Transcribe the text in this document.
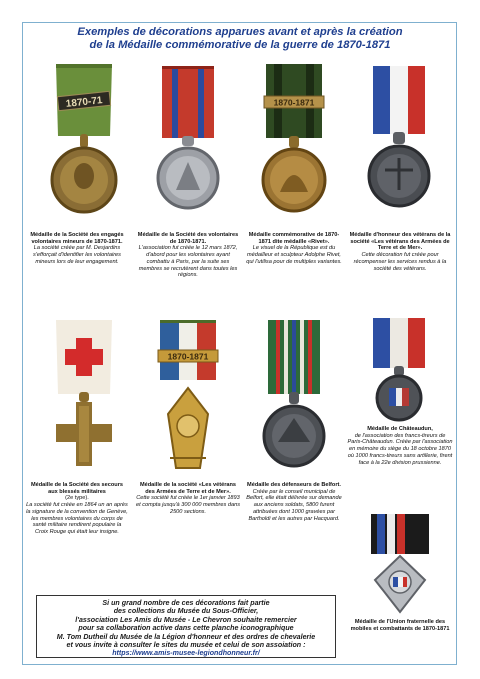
Exemples de décorations apparues avant et après la création
de la Médaille commémorative de la guerre de 1870-1871
1870-71	1870-1871
Médaille de la Société des engagés volontaires mineurs de 1870-1871.
La société créée par M. Desjardins s'efforçait d'identifier les volontaires mineurs lors de leur engagement.
Médaille de la Société des volontaires de 1870-1871.
L'association fut créée le 12 mars 1872, d'abord pour les volontaires ayant combattu à Paris, par la suite ses membres se recrutèrent dans toutes les régions.
Médaille commémorative de 1870-1871 dite médaille «Rivet».
Le visuel de la République est du médailleur et sculpteur Adolphe Rivet, qui l'utilisa pour de multiples variantes.
Médaille d'honneur des vétérans de la société «Les vétérans des Armées de Terre et de Mer».
Cette décoration fut créée pour récompenser les services rendus à la société des vétérans.
1870-1871
Médaille de la Société des secours aux blessés militaires
(2e type).
La société fut créée en 1864 un an après la signature de la convention de Genève, les membres volontaires du corps de santé militaire rendirent populaire la Croix Rouge qui était leur insigne.
Médaille de la société «Les vétérans des Armées de Terre et de Mer».
Cette société fut créée le 1er janvier 1893 et compta jusqu'à 300 000 membres dans 2500 sections.
Médaille des défenseurs de Belfort.
Créée par le conseil municipal de Belfort, elle était délivrée sur demande aux anciens soldats, 5800 furent attribuées dont 1000 gravées par Bartholdi et les autres par Hacquard.
Médaille de Châteaudun,
de l'association des francs-tireurs de Paris-Châteaudun. Créée par l'association en mémoire du siège du 18 octobre 1870 où 1000 francs-tireurs sans artillerie, firent face à la 22e division prussienne.
Médaille de l'Union fraternelle des mobiles et combattants de 1870-1871
Si un grand nombre de ces décorations fait partie
des collections du Musée du Sous-Officier,
l'association Les Amis du Musée - Le Chevron souhaite remercier
pour sa collaboration active dans cette planche iconographique
M. Tom Dutheil du Musée de la Légion d'honneur et des ordres de chevalerie
et vous invite à consulter le sites du musée et celui de son assoiation :
https://www.amis-musee-legiondhonneur.fr/
